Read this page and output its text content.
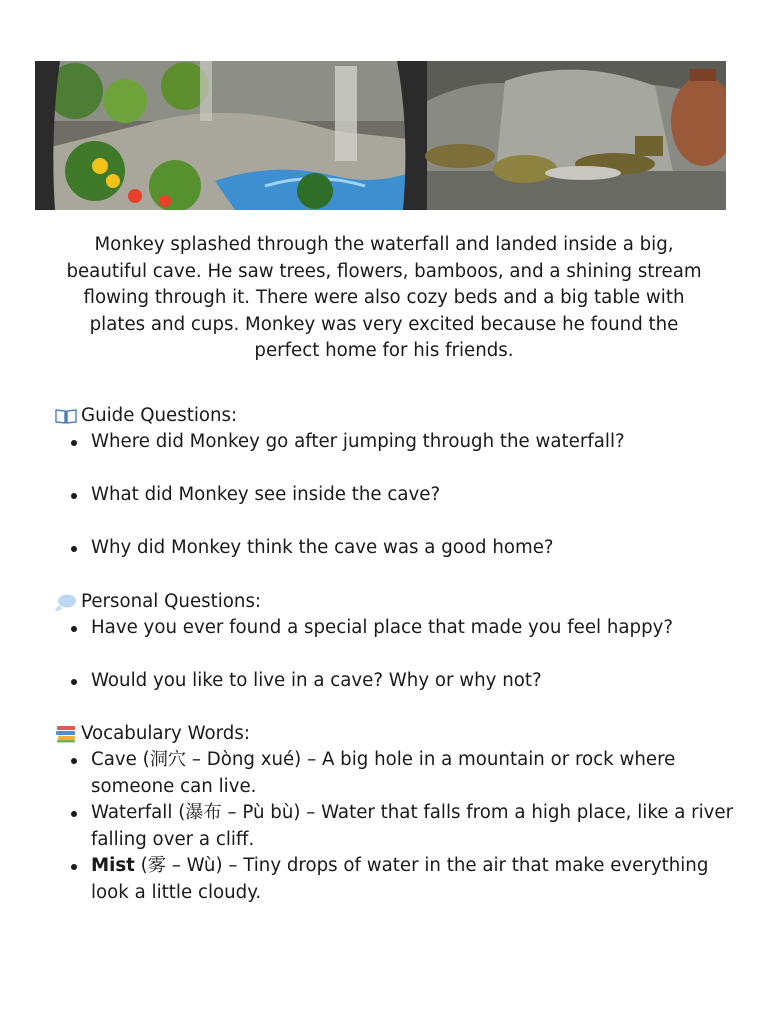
Monkey splashed through the waterfall and landed inside a big, beautiful cave. He saw trees, flowers, bamboos, and a shining stream flowing through it. There were also cozy beds and a big table with plates and cups. Monkey was very excited because he found the perfect home for his friends.

Guide Questions:

Where did Monkey go after jumping through the waterfall?
What did Monkey see inside the cave?
Why did Monkey think the cave was a good home?

Personal Questions:

Have you ever found a special place that made you feel happy?
Would you like to live in a cave? Why or why not?

Vocabulary Words:

Cave (洞穴 – Dòng xué) – A big hole in a mountain or rock where someone can live.
Waterfall (瀑布 – Pù bù) – Water that falls from a high place, like a river falling over a cliff.
Mist (雾 – Wù) – Tiny drops of water in the air that make everything look a little cloudy.
